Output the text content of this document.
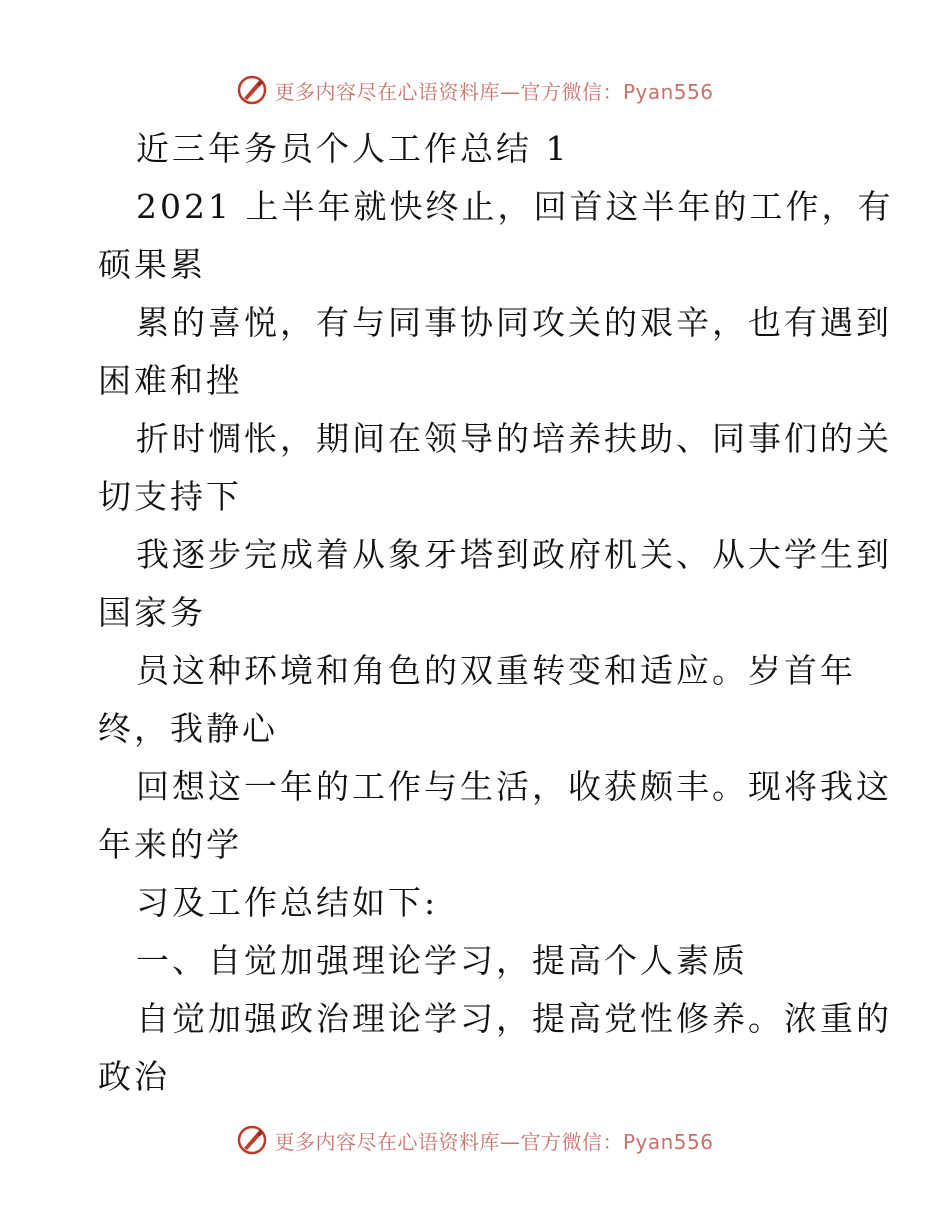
更多内容尽在心语资料库—官方微信：Pyan556
近三年务员个人工作总结 1
2021 上半年就快终止，回首这半年的工作，有
硕果累
累的喜悦，有与同事协同攻关的艰辛，也有遇到
困难和挫
折时惆怅，期间在领导的培养扶助、同事们的关
切支持下
我逐步完成着从象牙塔到政府机关、从大学生到
国家务
员这种环境和角色的双重转变和适应。岁首年
终，我静心
回想这一年的工作与生活，收获颇丰。现将我这
年来的学
习及工作总结如下:
一、自觉加强理论学习，提高个人素质
自觉加强政治理论学习，提高党性修养。浓重的
政治
更多内容尽在心语资料库—官方微信：Pyan556
